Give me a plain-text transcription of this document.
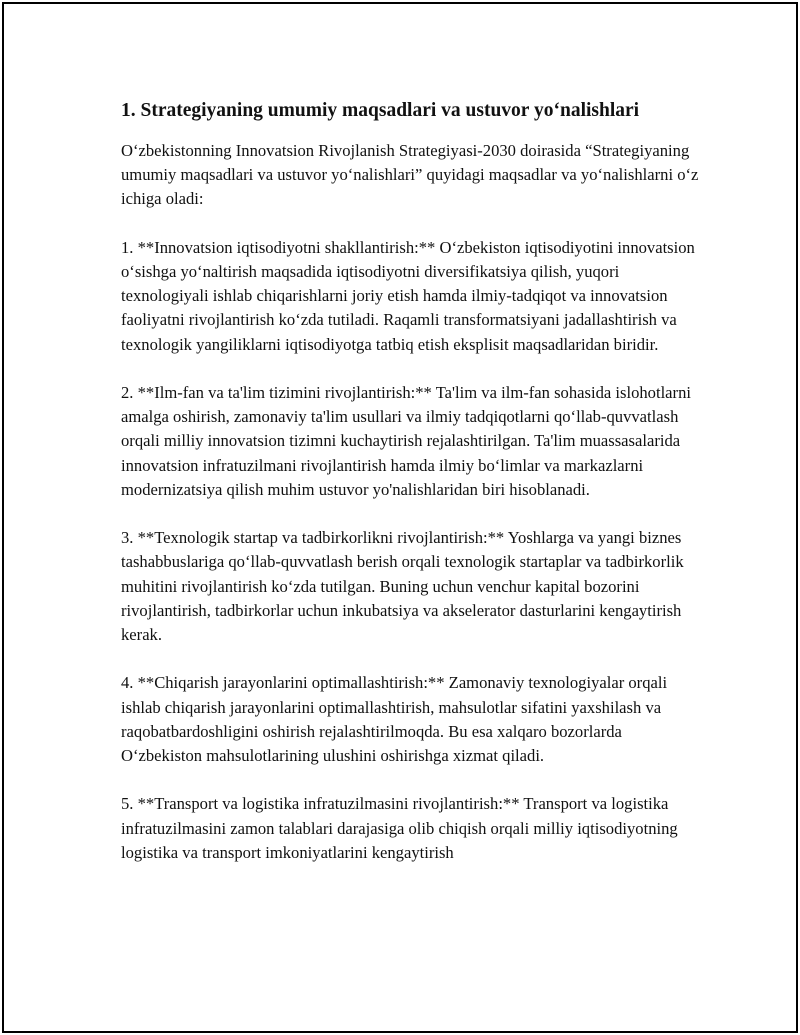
1. Strategiyaning umumiy maqsadlari va ustuvor yo‘nalishlari

O‘zbekistonning Innovatsion Rivojlanish Strategiyasi-2030 doirasida “Strategiyaning umumiy maqsadlari va ustuvor yo‘nalishlari” quyidagi maqsadlar va yo‘nalishlarni o‘z ichiga oladi:

1. **Innovatsion iqtisodiyotni shakllantirish:** O‘zbekiston iqtisodiyotini innovatsion o‘sishga yo‘naltirish maqsadida iqtisodiyotni diversifikatsiya qilish, yuqori texnologiyali ishlab chiqarishlarni joriy etish hamda ilmiy-tadqiqot va innovatsion faoliyatni rivojlantirish ko‘zda tutiladi. Raqamli transformatsiyani jadallashtirish va texnologik yangiliklarni iqtisodiyotga tatbiq etish eksplisit maqsadlaridan biridir.

2. **Ilm-fan va ta'lim tizimini rivojlantirish:** Ta'lim va ilm-fan sohasida islohotlarni amalga oshirish, zamonaviy ta'lim usullari va ilmiy tadqiqotlarni qo‘llab-quvvatlash orqali milliy innovatsion tizimni kuchaytirish rejalashtirilgan. Ta'lim muassasalarida innovatsion infratuzilmani rivojlantirish hamda ilmiy bo‘limlar va markazlarni modernizatsiya qilish muhim ustuvor yo'nalishlaridan biri hisoblanadi.

3. **Texnologik startap va tadbirkorlikni rivojlantirish:** Yoshlarga va yangi biznes tashabbuslariga qo‘llab-quvvatlash berish orqali texnologik startaplar va tadbirkorlik muhitini rivojlantirish ko‘zda tutilgan. Buning uchun venchur kapital bozorini rivojlantirish, tadbirkorlar uchun inkubatsiya va akselerator dasturlarini kengaytirish kerak.

4. **Chiqarish jarayonlarini optimallashtirish:** Zamonaviy texnologiyalar orqali ishlab chiqarish jarayonlarini optimallashtirish, mahsulotlar sifatini yaxshilash va raqobatbardoshligini oshirish rejalashtirilmoqda. Bu esa xalqaro bozorlarda O‘zbekiston mahsulotlarining ulushini oshirishga xizmat qiladi.

5. **Transport va logistika infratuzilmasini rivojlantirish:** Transport va logistika infratuzilmasini zamon talablari darajasiga olib chiqish orqali milliy iqtisodiyotning logistika va transport imkoniyatlarini kengaytirish
